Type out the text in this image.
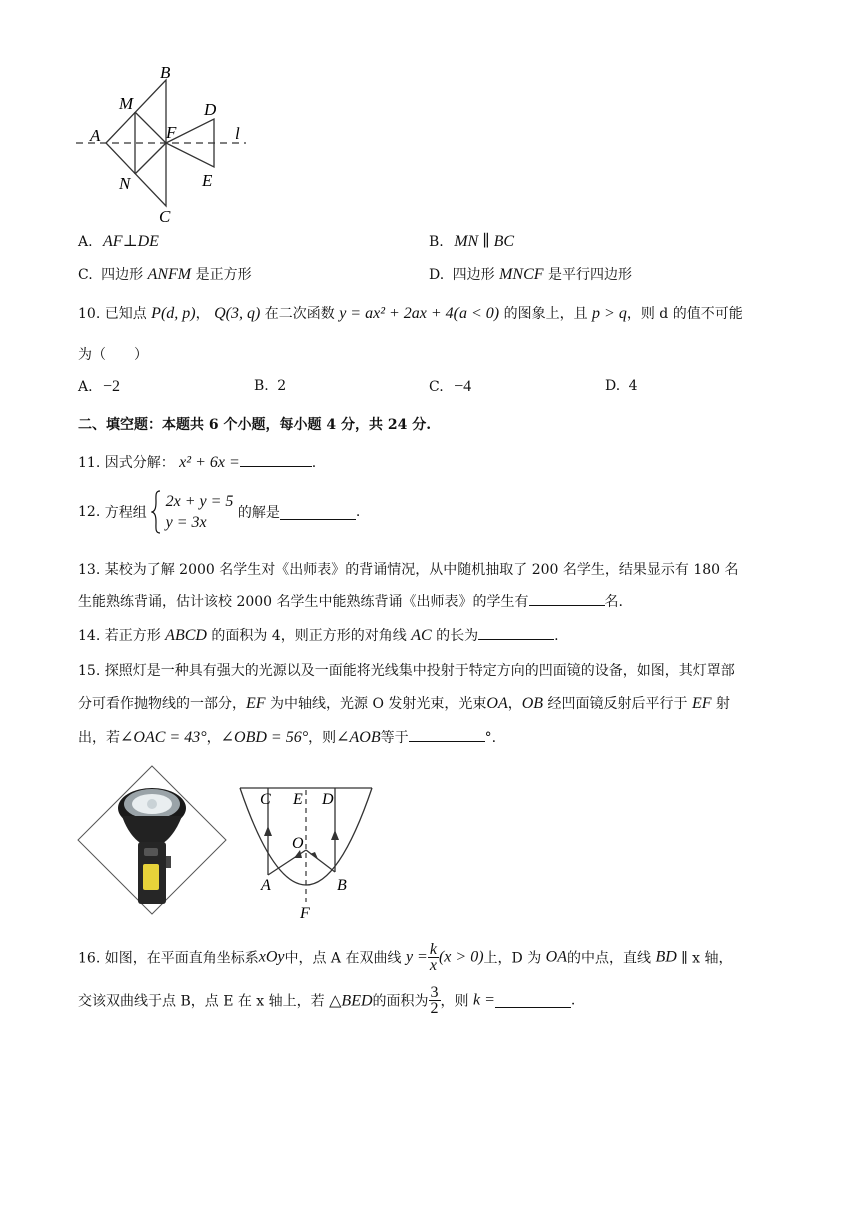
B
M	D
A	F	l
N	E
C
A. AF⊥DE	B. MN ∥ BC
C. 四边形 ANFM 是正方形	D. 四边形 MNCF 是平行四边形
10. 已知点 P(d, p)， Q(3, q) 在二次函数 y = ax² + 2ax + 4(a < 0) 的图象上，且 p > q，则 d 的值不可能
为（　　）
A. −2	B. 2	C. −4	D. 4
二、填空题：本题共 6 个小题，每小题 4 分，共 24 分.
11. 因式分解： x² + 6x =	.
12. 方程组
2x + y = 5
y = 3x
的解是	.
13. 某校为了解 2000 名学生对《出师表》的背诵情况，从中随机抽取了 200 名学生，结果显示有 180 名
生能熟练背诵，估计该校 2000 名学生中能熟练背诵《出师表》的学生有	名.
14. 若正方形 ABCD 的面积为 4，则正方形的对角线 AC 的长为	.
15. 探照灯是一种具有强大的光源以及一面能将光线集中投射于特定方向的凹面镜的设备，如图，其灯罩部
分可看作抛物线的一部分，EF 为中轴线，光源 O 发射光束，光束OA，OB 经凹面镜反射后平行于 EF 射
出，若∠OAC = 43°，∠OBD = 56°，则∠AOB等于	°.
C E D
O
A	B
F
16. 如图，在平面直角坐标系xOy中，点 A 在双曲线 $y = \frac{k}{x} (x > 0)$上，D 为 OA的中点，直线 BD ∥ x 轴，
交该双曲线于点 B，点 E 在 x 轴上，若 △BED的面积为 $\frac{3}{2}$ ，则 k =	.
